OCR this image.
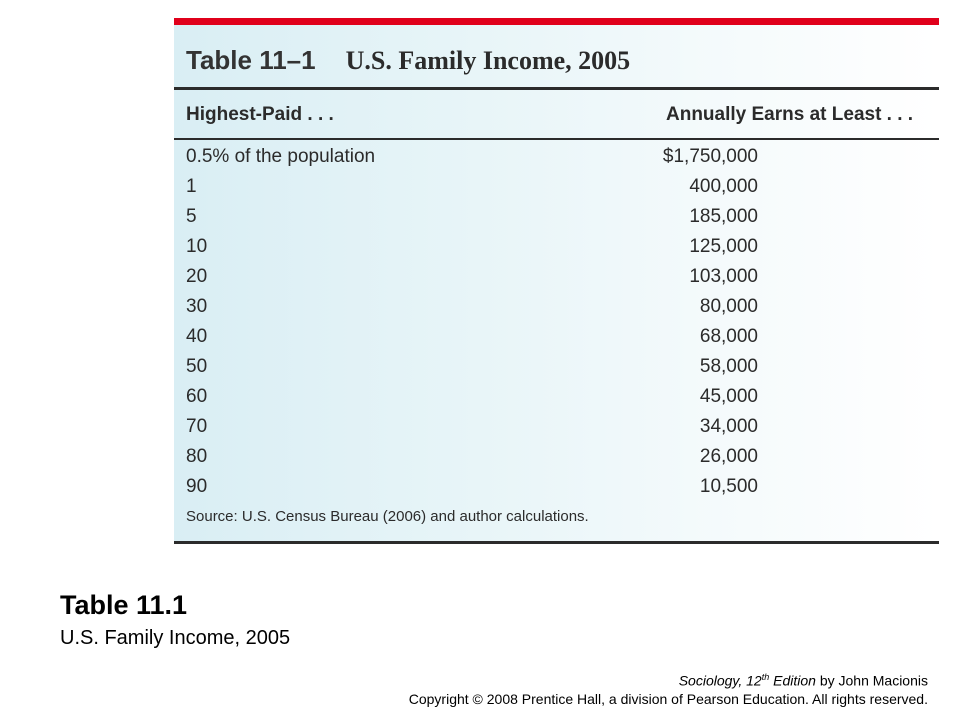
Table 11–1 U.S. Family Income, 2005
Highest-Paid . . .	Annually Earns at Least . . .
0.5% of the population	$1,750,000
1	400,000
5	185,000
10	125,000
20	103,000
30	80,000
40	68,000
50	58,000
60	45,000
70	34,000
80	26,000
90	10,500
Source: U.S. Census Bureau (2006) and author calculations.
Table 11.1
U.S. Family Income, 2005
Sociology, 12th Edition by John Macionis
Copyright © 2008 Prentice Hall, a division of Pearson Education. All rights reserved.
